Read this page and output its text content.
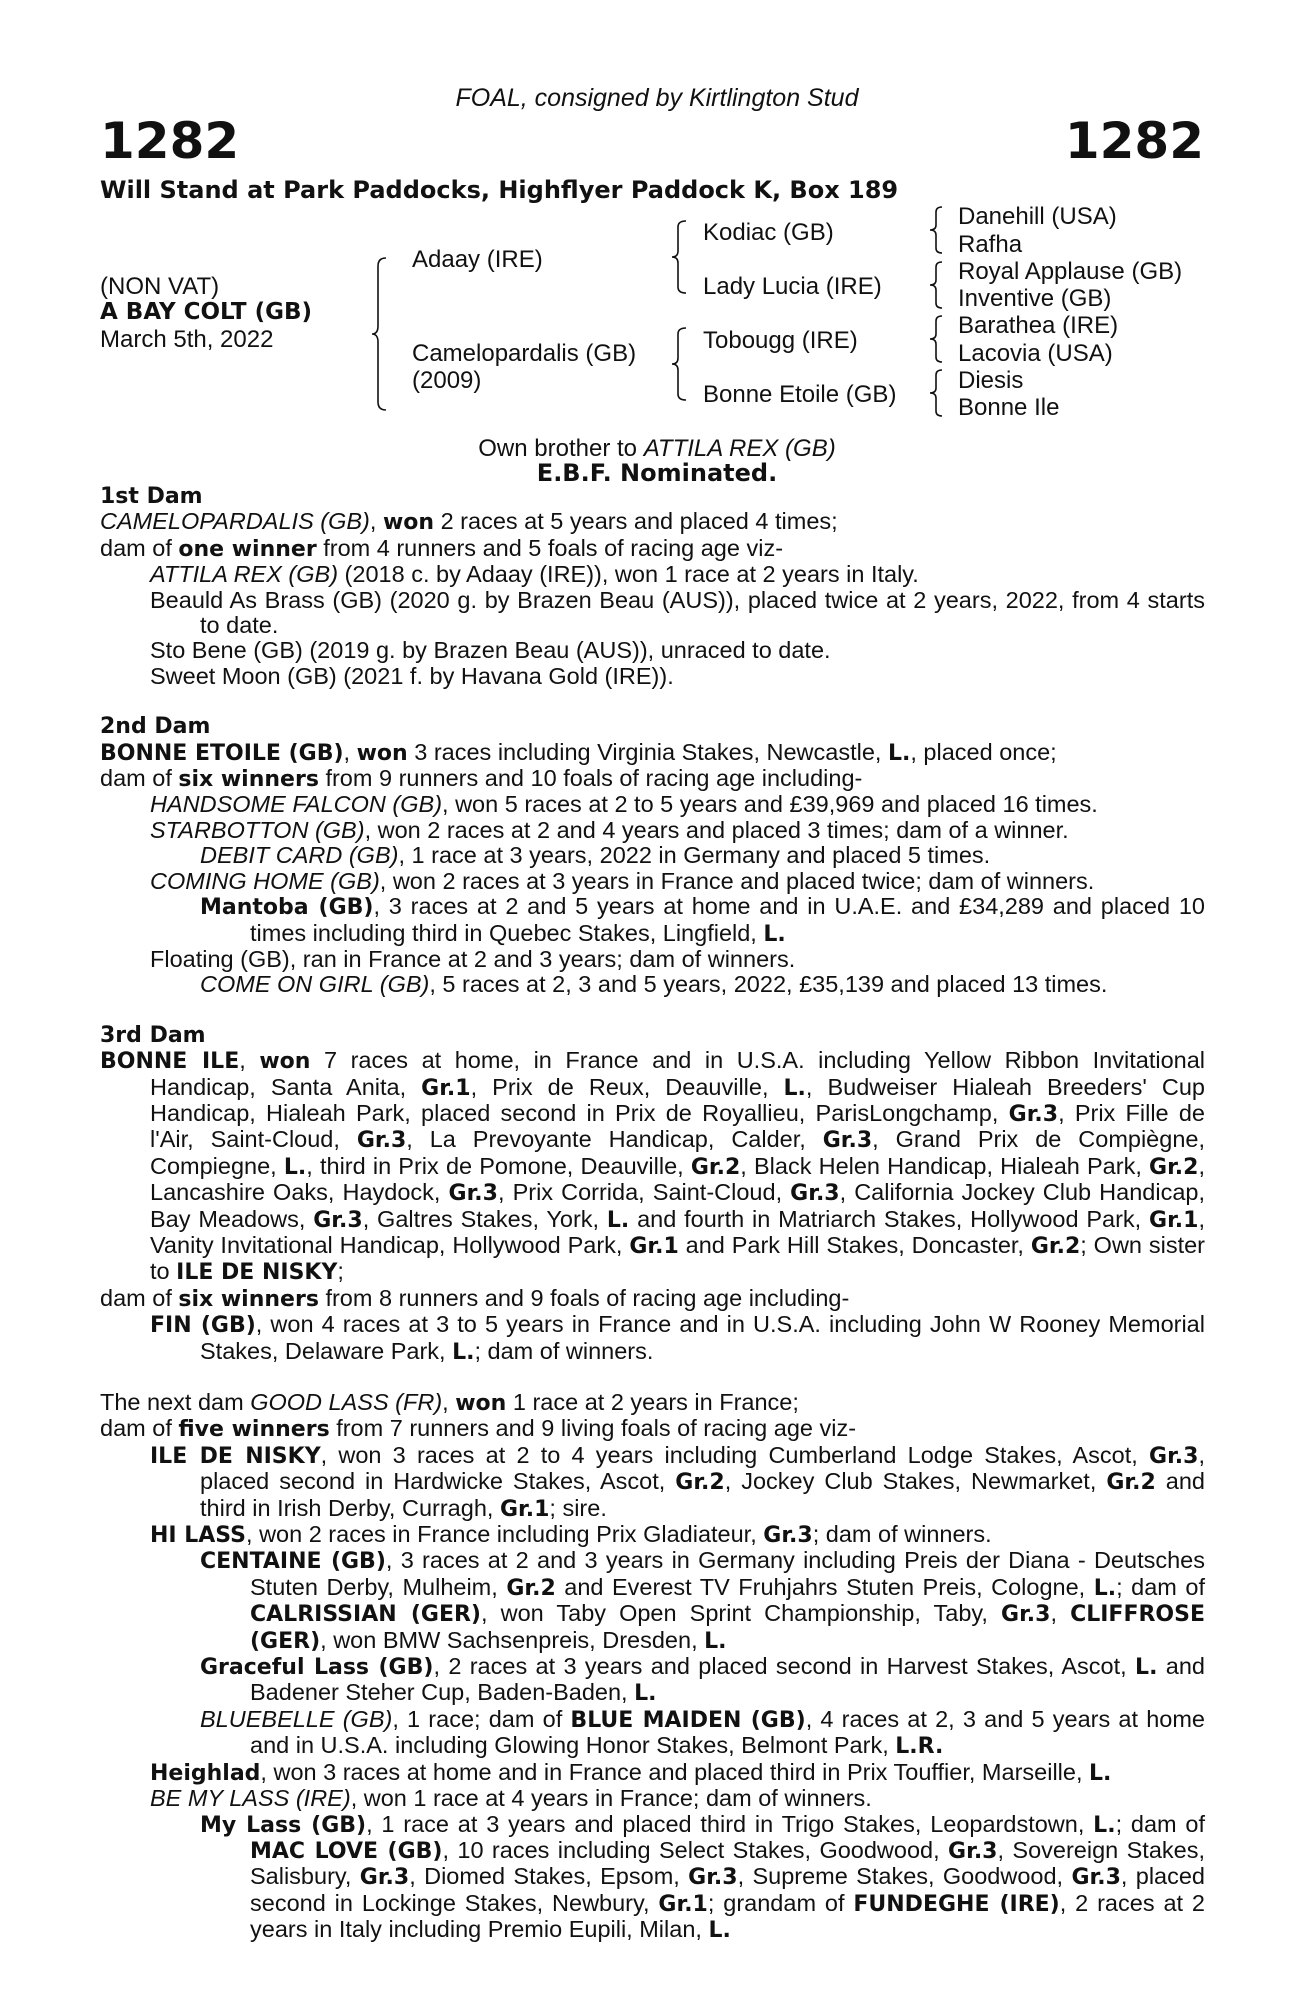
FOAL, consigned by Kirtlington Stud
1282	1282
Will Stand at Park Paddocks, Highflyer Paddock K, Box 189
(NON VAT)
A BAY COLT (GB)
March 5th, 2022
Adaay (IRE)
Camelopardalis (GB)
(2009)
Kodiac (GB)
Lady Lucia (IRE)
Tobougg (IRE)
Bonne Etoile (GB)
Danehill (USA)
Rafha
Royal Applause (GB)
Inventive (GB)
Barathea (IRE)
Lacovia (USA)
Diesis
Bonne Ile
Own brother to ATTILA REX (GB)
E.B.F. Nominated.

1st Dam

CAMELOPARDALIS (GB), won 2 races at 5 years and placed 4 times;

dam of one winner from 4 runners and 5 foals of racing age viz-

ATTILA REX (GB) (2018 c. by Adaay (IRE)), won 1 race at 2 years in Italy.

Beauld As Brass (GB) (2020 g. by Brazen Beau (AUS)), placed twice at 2 years, 2022, from 4 starts to date.

Sto Bene (GB) (2019 g. by Brazen Beau (AUS)), unraced to date.

Sweet Moon (GB) (2021 f. by Havana Gold (IRE)).

2nd Dam

BONNE ETOILE (GB), won 3 races including Virginia Stakes, Newcastle, L., placed once;

dam of six winners from 9 runners and 10 foals of racing age including-

HANDSOME FALCON (GB), won 5 races at 2 to 5 years and £39,969 and placed 16 times.

STARBOTTON (GB), won 2 races at 2 and 4 years and placed 3 times; dam of a winner.

DEBIT CARD (GB), 1 race at 3 years, 2022 in Germany and placed 5 times.

COMING HOME (GB), won 2 races at 3 years in France and placed twice; dam of winners.

Mantoba (GB), 3 races at 2 and 5 years at home and in U.A.E. and £34,289 and placed 10 times including third in Quebec Stakes, Lingfield, L.

Floating (GB), ran in France at 2 and 3 years; dam of winners.

COME ON GIRL (GB), 5 races at 2, 3 and 5 years, 2022, £35,139 and placed 13 times.

3rd Dam

BONNE ILE, won 7 races at home, in France and in U.S.A. including Yellow Ribbon Invitational Handicap, Santa Anita, Gr.1, Prix de Reux, Deauville, L., Budweiser Hialeah Breeders' Cup Handicap, Hialeah Park, placed second in Prix de Royallieu, ParisLongchamp, Gr.3, Prix Fille de l'Air, Saint-Cloud, Gr.3, La Prevoyante Handicap, Calder, Gr.3, Grand Prix de Compiègne, Compiegne, L., third in Prix de Pomone, Deauville, Gr.2, Black Helen Handicap, Hialeah Park, Gr.2, Lancashire Oaks, Haydock, Gr.3, Prix Corrida, Saint-Cloud, Gr.3, California Jockey Club Handicap, Bay Meadows, Gr.3, Galtres Stakes, York, L. and fourth in Matriarch Stakes, Hollywood Park, Gr.1, Vanity Invitational Handicap, Hollywood Park, Gr.1 and Park Hill Stakes, Doncaster, Gr.2; Own sister to ILE DE NISKY;

dam of six winners from 8 runners and 9 foals of racing age including-

FIN (GB), won 4 races at 3 to 5 years in France and in U.S.A. including John W Rooney Memorial Stakes, Delaware Park, L.; dam of winners.

The next dam GOOD LASS (FR), won 1 race at 2 years in France;

dam of five winners from 7 runners and 9 living foals of racing age viz-

ILE DE NISKY, won 3 races at 2 to 4 years including Cumberland Lodge Stakes, Ascot, Gr.3, placed second in Hardwicke Stakes, Ascot, Gr.2, Jockey Club Stakes, Newmarket, Gr.2 and third in Irish Derby, Curragh, Gr.1; sire.

HI LASS, won 2 races in France including Prix Gladiateur, Gr.3; dam of winners.

CENTAINE (GB), 3 races at 2 and 3 years in Germany including Preis der Diana - Deutsches Stuten Derby, Mulheim, Gr.2 and Everest TV Fruhjahrs Stuten Preis, Cologne, L.; dam of CALRISSIAN (GER), won Taby Open Sprint Championship, Taby, Gr.3, CLIFFROSE (GER), won BMW Sachsenpreis, Dresden, L.

Graceful Lass (GB), 2 races at 3 years and placed second in Harvest Stakes, Ascot, L. and Badener Steher Cup, Baden-Baden, L.

BLUEBELLE (GB), 1 race; dam of BLUE MAIDEN (GB), 4 races at 2, 3 and 5 years at home and in U.S.A. including Glowing Honor Stakes, Belmont Park, L.R.

Heighlad, won 3 races at home and in France and placed third in Prix Touffier, Marseille, L.

BE MY LASS (IRE), won 1 race at 4 years in France; dam of winners.

My Lass (GB), 1 race at 3 years and placed third in Trigo Stakes, Leopardstown, L.; dam of MAC LOVE (GB), 10 races including Select Stakes, Goodwood, Gr.3, Sovereign Stakes, Salisbury, Gr.3, Diomed Stakes, Epsom, Gr.3, Supreme Stakes, Goodwood, Gr.3, placed second in Lockinge Stakes, Newbury, Gr.1; grandam of FUNDEGHE (IRE), 2 races at 2 years in Italy including Premio Eupili, Milan, L.
